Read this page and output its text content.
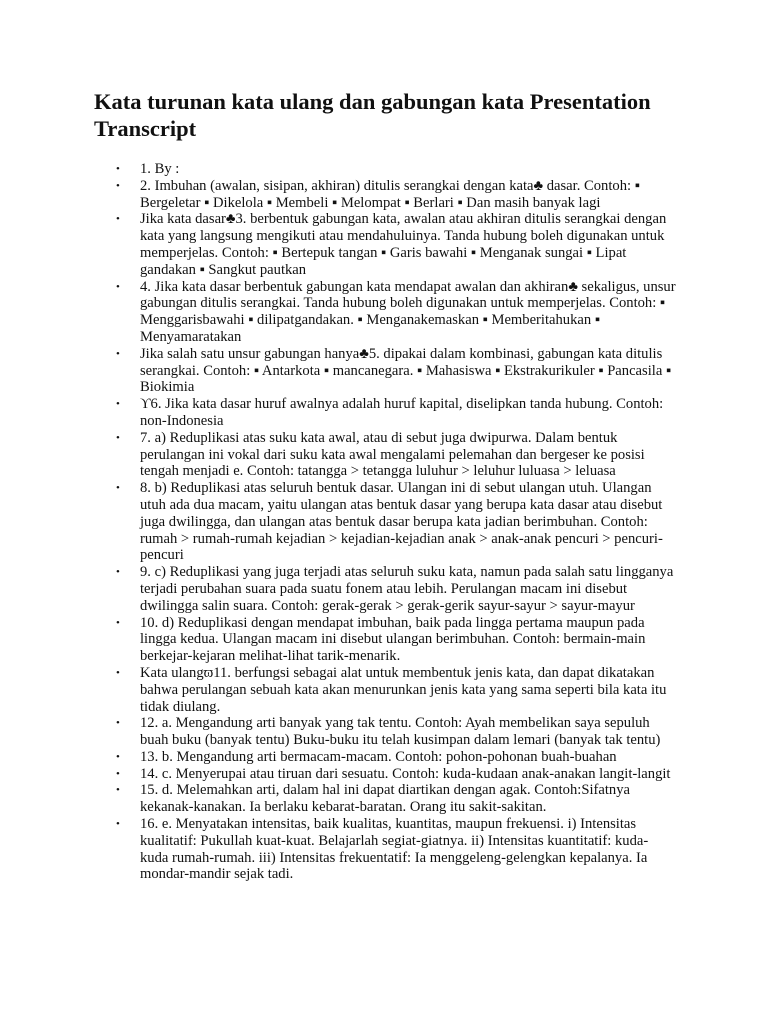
Kata turunan kata ulang dan gabungan kata Presentation Transcript
• 1. By :
• 2. Imbuhan (awalan, sisipan, akhiran) ditulis serangkai dengan kata♣ dasar. Contoh: ▪ Bergeletar ▪ Dikelola ▪ Membeli ▪ Melompat ▪ Berlari ▪ Dan masih banyak lagi
• Jika kata dasar♣3. berbentuk gabungan kata, awalan atau akhiran ditulis serangkai dengan kata yang langsung mengikuti atau mendahuluinya. Tanda hubung boleh digunakan untuk memperjelas. Contoh: ▪ Bertepuk tangan ▪ Garis bawahi ▪ Menganak sungai ▪ Lipat gandakan ▪ Sangkut pautkan
• 4. Jika kata dasar berbentuk gabungan kata mendapat awalan dan akhiran♣ sekaligus, unsur gabungan ditulis serangkai. Tanda hubung boleh digunakan untuk memperjelas. Contoh: ▪ Menggarisbawahi ▪ dilipatgandakan. ▪ Menganakemaskan ▪ Memberitahukan ▪ Menyamaratakan
• Jika salah satu unsur gabungan hanya♣5. dipakai dalam kombinasi, gabungan kata ditulis serangkai. Contoh: ▪ Antarkota ▪ mancanegara. ▪ Mahasiswa ▪ Ekstrakurikuler ▪ Pancasila ▪ Biokimia
• ϒ6. Jika kata dasar huruf awalnya adalah huruf kapital, diselipkan tanda hubung. Contoh: non-Indonesia
• 7. a) Reduplikasi atas suku kata awal, atau di sebut juga dwipurwa. Dalam bentuk perulangan ini vokal dari suku kata awal mengalami pelemahan dan bergeser ke posisi tengah menjadi e. Contoh: tatangga > tetangga luluhur > leluhur luluasa > leluasa
• 8. b) Reduplikasi atas seluruh bentuk dasar. Ulangan ini di sebut ulangan utuh. Ulangan utuh ada dua macam, yaitu ulangan atas bentuk dasar yang berupa kata dasar atau disebut juga dwilingga, dan ulangan atas bentuk dasar berupa kata jadian berimbuhan. Contoh: rumah > rumah-rumah kejadian > kejadian-kejadian anak > anak-anak pencuri > pencuri-pencuri
• 9. c) Reduplikasi yang juga terjadi atas seluruh suku kata, namun pada salah satu lingganya terjadi perubahan suara pada suatu fonem atau lebih. Perulangan macam ini disebut dwilingga salin suara. Contoh: gerak-gerak > gerak-gerik sayur-sayur > sayur-mayur
• 10. d) Reduplikasi dengan mendapat imbuhan, baik pada lingga pertama maupun pada lingga kedua. Ulangan macam ini disebut ulangan berimbuhan. Contoh: bermain-main berkejar-kejaran melihat-lihat tarik-menarik.
• Kata ulangϖ11. berfungsi sebagai alat untuk membentuk jenis kata, dan dapat dikatakan bahwa perulangan sebuah kata akan menurunkan jenis kata yang sama seperti bila kata itu tidak diulang.
• 12. a. Mengandung arti banyak yang tak tentu. Contoh: Ayah membelikan saya sepuluh buah buku (banyak tentu) Buku-buku itu telah kusimpan dalam lemari (banyak tak tentu)
• 13. b. Mengandung arti bermacam-macam. Contoh: pohon-pohonan buah-buahan
• 14. c. Menyerupai atau tiruan dari sesuatu. Contoh: kuda-kudaan anak-anakan langit-langit
• 15. d. Melemahkan arti, dalam hal ini dapat diartikan dengan agak. Contoh:Sifatnya kekanak-kanakan. Ia berlaku kebarat-baratan. Orang itu sakit-sakitan.
• 16. e. Menyatakan intensitas, baik kualitas, kuantitas, maupun frekuensi. i) Intensitas kualitatif: Pukullah kuat-kuat. Belajarlah segiat-giatnya. ii) Intensitas kuantitatif: kuda-kuda rumah-rumah. iii) Intensitas frekuentatif: Ia menggeleng-gelengkan kepalanya. Ia mondar-mandir sejak tadi.
